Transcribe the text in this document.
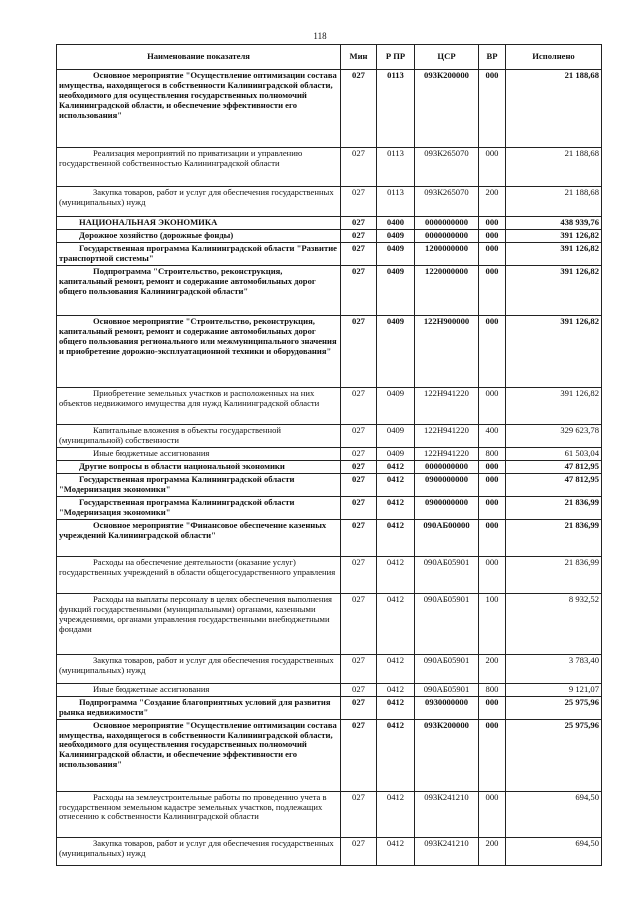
118
Наименование показателя	Мин	Р ПР	ЦСР	ВР	Исполнено
Основное мероприятие "Осуществление оптимизации состава имущества, находящегося в собственности Калининградской области, необходимого для осуществления государственных полномочий Калининградской области, и обеспечение эффективности его использования"	027	0113	093К200000	000	21 188,68
Реализация мероприятий по приватизации и управлению государственной собственностью Калининградской области	027	0113	093К265070	000	21 188,68
Закупка товаров, работ и услуг для обеспечения государственных (муниципальных) нужд	027	0113	093К265070	200	21 188,68
НАЦИОНАЛЬНАЯ ЭКОНОМИКА	027	0400	0000000000	000	438 939,76
Дорожное хозяйство (дорожные фонды)	027	0409	0000000000	000	391 126,82
Государственная программа Калининградской области "Развитие транспортной системы"	027	0409	1200000000	000	391 126,82
Подпрограмма "Строительство, реконструкция, капитальный ремонт, ремонт и содержание автомобильных дорог общего пользования Калининградской области"	027	0409	1220000000	000	391 126,82
Основное мероприятие "Строительство, реконструкция, капитальный ремонт, ремонт и содержание автомобильных дорог общего пользования регионального или межмуниципального значения и приобретение дорожно-эксплуатационной техники и оборудования"	027	0409	122Н900000	000	391 126,82
Приобретение земельных участков и расположенных на них объектов недвижимого имущества для нужд Калининградской области	027	0409	122Н941220	000	391 126,82
Капитальные вложения в объекты государственной (муниципальной) собственности	027	0409	122Н941220	400	329 623,78
Иные бюджетные ассигнования	027	0409	122Н941220	800	61 503,04
Другие вопросы в области национальной экономики	027	0412	0000000000	000	47 812,95
Государственная программа Калининградской области "Модернизация экономики"	027	0412	0900000000	000	47 812,95
Государственная программа Калининградской области "Модернизация экономики"	027	0412	0900000000	000	21 836,99
Основное мероприятие "Финансовое обеспечение казенных учреждений Калининградской области"	027	0412	090АБ00000	000	21 836,99
Расходы на обеспечение деятельности (оказание услуг) государственных учреждений в области общегосударственного управления	027	0412	090АБ05901	000	21 836,99
Расходы на выплаты персоналу в целях обеспечения выполнения функций государственными (муниципальными) органами, казенными учреждениями, органами управления государственными внебюджетными фондами	027	0412	090АБ05901	100	8 932,52
Закупка товаров, работ и услуг для обеспечения государственных (муниципальных) нужд	027	0412	090АБ05901	200	3 783,40
Иные бюджетные ассигнования	027	0412	090АБ05901	800	9 121,07
Подпрограмма "Создание благоприятных условий для развития рынка недвижимости"	027	0412	0930000000	000	25 975,96
Основное мероприятие "Осуществление оптимизации состава имущества, находящегося в собственности Калининградской области, необходимого для осуществления государственных полномочий Калининградской области, и обеспечение эффективности его использования"	027	0412	093К200000	000	25 975,96
Расходы на землеустроительные работы по проведению учета в государственном земельном кадастре земельных участков, подлежащих отнесению к собственности Калининградской области	027	0412	093К241210	000	694,50
Закупка товаров, работ и услуг для обеспечения государственных (муниципальных) нужд	027	0412	093К241210	200	694,50
